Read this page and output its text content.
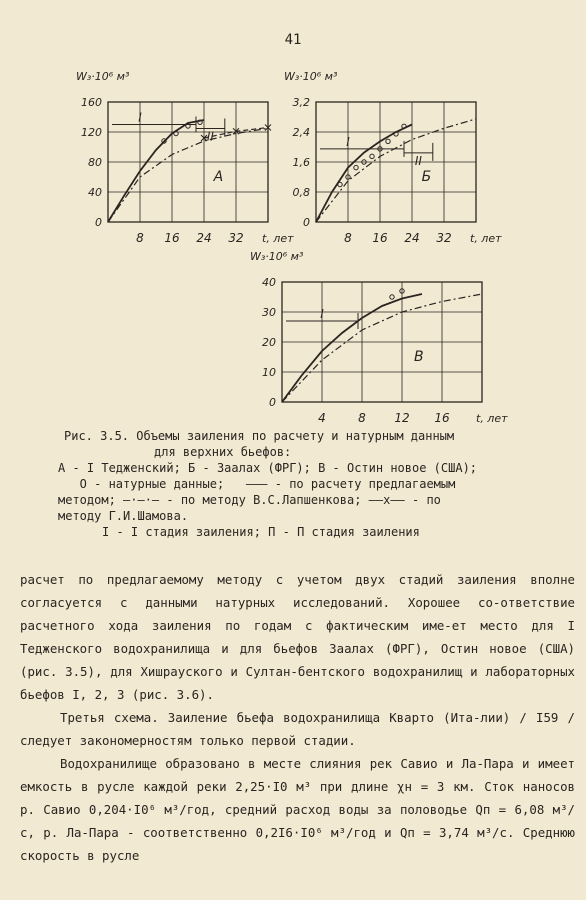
41
8 16 24 32
0
40
80
120
160
t, лет
W₃·10⁶ м³
А
I
II
8 16 24 32
0
0,8
1,6
2,4
3,2
t, лет
W₃·10⁶ м³
Б
I
II
4	8 12 16
0
10
20
30
40
t, лет
W₃·10⁶ м³
В
I
Рис. 3.5. Объемы заиления по расчету и натурным данным
для верхних бьефов:
А - I Теджeнский; Б - Заалах (ФРГ); В - Остин новое (США);
О - натурные данные;   ——— - по расчету предлагаемым
методом; —·—·— - по методу В.С.Лапшенкова; ——x—— - по
методу Г.И.Шамова.
I - I стадия заиления; П - П стадия заиления

расчет по предлагаемому методу с учетом двух стадий заиления вполне согласуется с данными натурных исследований. Хорошее со-ответствие расчетного хода заиления по годам с фактическим име-ет место для I Теджeнского водохранилища и для бьефов Заалах (ФРГ), Остин новое (США) (рис. 3.5), для Хишрауского и Султан-бентского водохранилищ и лабораторных бьефов I, 2, 3 (рис. 3.6).

Третья схема. Заиление бьефа водохранилища Кварто (Ита-лии) / I59 / следует закономерностям только первой стадии.

Водохранилище образовано в месте слияния рек Савио и Ла-Пара и имеет емкость в русле каждой реки 2,25·I0 м³ при длине χн = 3 км. Сток наносов р. Савио 0,204·I0⁶ м³/год, средний расход воды за половодье Qп = 6,08 м³/с, р. Ла-Пара - соответственно 0,2I6·I0⁶ м³/год и Qп = 3,74 м³/с. Среднюю скорость в русле
